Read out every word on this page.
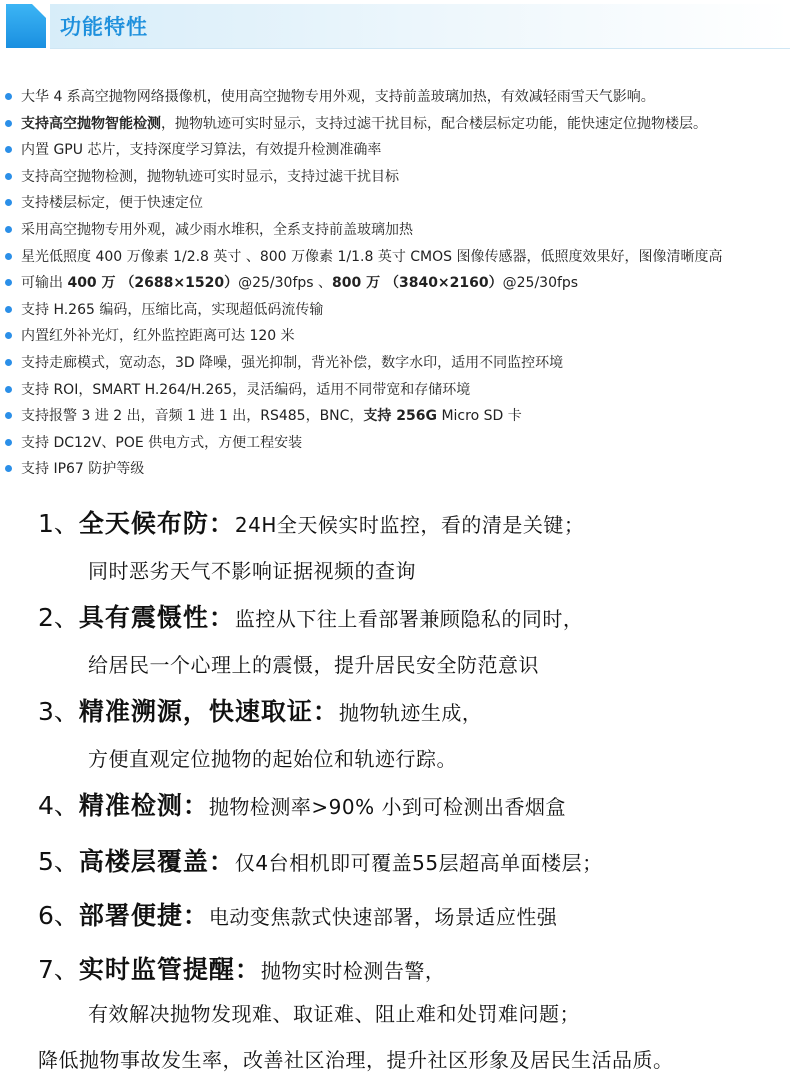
功能特性
大华 4 系高空抛物网络摄像机，使用高空抛物专用外观，支持前盖玻璃加热，有效减轻雨雪天气影响。
支持高空抛物智能检测，抛物轨迹可实时显示，支持过滤干扰目标，配合楼层标定功能，能快速定位抛物楼层。
内置 GPU 芯片，支持深度学习算法，有效提升检测准确率
支持高空抛物检测，抛物轨迹可实时显示，支持过滤干扰目标
支持楼层标定，便于快速定位
采用高空抛物专用外观，减少雨水堆积，全系支持前盖玻璃加热
星光低照度 400 万像素 1/2.8 英寸 、800 万像素 1/1.8 英寸 CMOS 图像传感器，低照度效果好，图像清晰度高
可输出 400 万 （2688×1520）@25/30fps 、800 万 （3840×2160）@25/30fps
支持 H.265 编码，压缩比高，实现超低码流传输
内置红外补光灯，红外监控距离可达 120 米
支持走廊模式，宽动态，3D 降噪，强光抑制，背光补偿，数字水印，适用不同监控环境
支持 ROI，SMART H.264/H.265，灵活编码，适用不同带宽和存储环境
支持报警 3 进 2 出，音频 1 进 1 出，RS485，BNC，支持 256G Micro SD 卡
支持 DC12V、POE 供电方式，方便工程安装
支持 IP67 防护等级
1、全天候布防：24H全天候实时监控，看的清是关键；
同时恶劣天气不影响证据视频的查询
2、具有震慑性：监控从下往上看部署兼顾隐私的同时，
给居民一个心理上的震慑，提升居民安全防范意识
3、精准溯源，快速取证：抛物轨迹生成，
方便直观定位抛物的起始位和轨迹行踪。
4、精准检测：抛物检测率>90% 小到可检测出香烟盒
5、高楼层覆盖：仅4台相机即可覆盖55层超高单面楼层；
6、部署便捷：电动变焦款式快速部署，场景适应性强
7、实时监管提醒：抛物实时检测告警，
有效解决抛物发现难、取证难、阻止难和处罚难问题；
降低抛物事故发生率，改善社区治理，提升社区形象及居民生活品质。
